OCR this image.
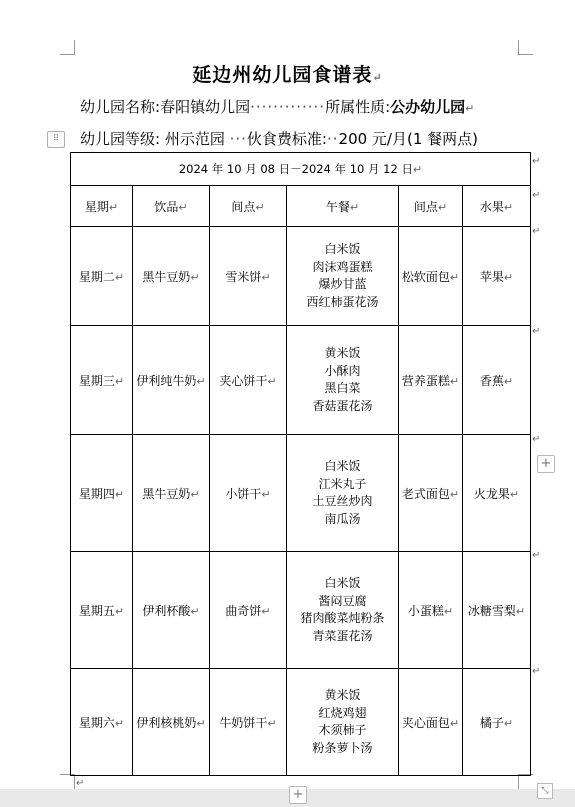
延边州幼儿园食谱表↵
幼儿园名称:春阳镇幼儿园·············所属性质:公办幼儿园↵
⠿	幼儿园等级: 州示范园 ···伙食费标准:··200 元/月(1 餐两点)
2024 年 10 月 08 日－2024 年 10 月 12 日↵					
星期↵	饮品↵	间点↵	午餐↵	间点↵	水果↵
星期二↵	黑牛豆奶↵	雪米饼↵	白米饭
肉沫鸡蛋糕
爆炒甘蓝
西红柿蛋花汤	松软面包↵	苹果↵
星期三↵	伊利纯牛奶↵	夹心饼干↵	黄米饭
小酥肉
黑白菜
香菇蛋花汤	营养蛋糕↵	香蕉↵
星期四↵	黑牛豆奶↵	小饼干↵	白米饭
江米丸子
土豆丝炒肉
南瓜汤	老式面包↵	火龙果↵
星期五↵	伊利杯酸↵	曲奇饼↵	白米饭
酱闷豆腐
猪肉酸菜炖粉条
青菜蛋花汤	小蛋糕↵	冰糖雪梨↵
星期六↵	伊利核桃奶↵	牛奶饼干↵	黄米饭
红烧鸡翅
木须柿子
粉条萝卜汤	夹心面包↵	橘子↵
↵
↵
↵
↵
↵
↵
↵
↵
+
+	⤡
